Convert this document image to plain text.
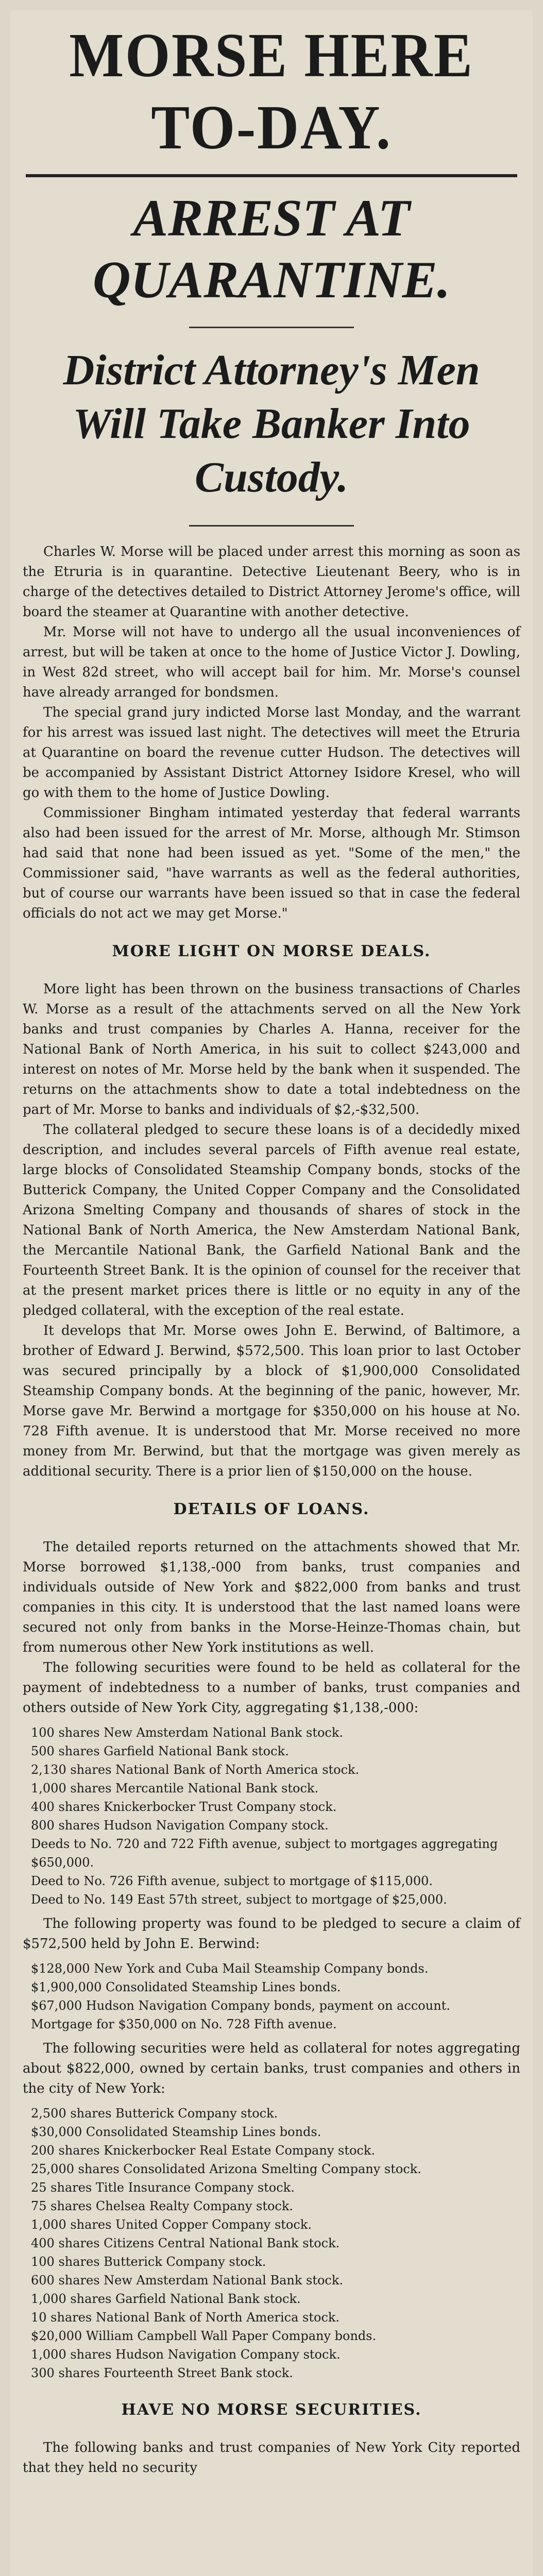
MORSE HERE TO-DAY.
ARREST AT QUARANTINE.
District Attorney's Men Will Take Banker Into Custody.

Charles W. Morse will be placed under arrest this morning as soon as the Etruria is in quarantine. Detective Lieutenant Beery, who is in charge of the detectives detailed to District Attorney Jerome's office, will board the steamer at Quarantine with another detective.

Mr. Morse will not have to undergo all the usual inconveniences of arrest, but will be taken at once to the home of Justice Victor J. Dowling, in West 82d street, who will accept bail for him. Mr. Morse's counsel have already arranged for bondsmen.

The special grand jury indicted Morse last Monday, and the warrant for his arrest was issued last night. The detectives will meet the Etruria at Quarantine on board the revenue cutter Hudson. The detectives will be accompanied by Assistant District Attorney Isidore Kresel, who will go with them to the home of Justice Dowling.

Commissioner Bingham intimated yesterday that federal warrants also had been issued for the arrest of Mr. Morse, although Mr. Stimson had said that none had been issued as yet. "Some of the men," the Commissioner said, "have warrants as well as the federal authorities, but of course our warrants have been issued so that in case the federal officials do not act we may get Morse."

MORE LIGHT ON MORSE DEALS.

More light has been thrown on the business transactions of Charles W. Morse as a result of the attachments served on all the New York banks and trust companies by Charles A. Hanna, receiver for the National Bank of North America, in his suit to collect $243,000 and interest on notes of Mr. Morse held by the bank when it suspended. The returns on the attachments show to date a total indebtedness on the part of Mr. Morse to banks and individuals of $2,-$32,500.

The collateral pledged to secure these loans is of a decidedly mixed description, and includes several parcels of Fifth avenue real estate, large blocks of Consolidated Steamship Company bonds, stocks of the Butterick Company, the United Copper Company and the Consolidated Arizona Smelting Company and thousands of shares of stock in the National Bank of North America, the New Amsterdam National Bank, the Mercantile National Bank, the Garfield National Bank and the Fourteenth Street Bank. It is the opinion of counsel for the receiver that at the present market prices there is little or no equity in any of the pledged collateral, with the exception of the real estate.

It develops that Mr. Morse owes John E. Berwind, of Baltimore, a brother of Edward J. Berwind, $572,500. This loan prior to last October was secured principally by a block of $1,900,000 Consolidated Steamship Company bonds. At the beginning of the panic, however, Mr. Morse gave Mr. Berwind a mortgage for $350,000 on his house at No. 728 Fifth avenue. It is understood that Mr. Morse received no more money from Mr. Berwind, but that the mortgage was given merely as additional security. There is a prior lien of $150,000 on the house.

DETAILS OF LOANS.

The detailed reports returned on the attachments showed that Mr. Morse borrowed $1,138,-000 from banks, trust companies and individuals outside of New York and $822,000 from banks and trust companies in this city. It is understood that the last named loans were secured not only from banks in the Morse-Heinze-Thomas chain, but from numerous other New York institutions as well.

The following securities were found to be held as collateral for the payment of indebtedness to a number of banks, trust companies and others outside of New York City, aggregating $1,138,-000:

100 shares New Amsterdam National Bank stock.
500 shares Garfield National Bank stock.
2,130 shares National Bank of North America stock.
1,000 shares Mercantile National Bank stock.
400 shares Knickerbocker Trust Company stock.
800 shares Hudson Navigation Company stock.
Deeds to No. 720 and 722 Fifth avenue, subject to mortgages aggregating $650,000.
Deed to No. 726 Fifth avenue, subject to mortgage of $115,000.
Deed to No. 149 East 57th street, subject to mortgage of $25,000.

The following property was found to be pledged to secure a claim of $572,500 held by John E. Berwind:

$128,000 New York and Cuba Mail Steamship Company bonds.
$1,900,000 Consolidated Steamship Lines bonds.
$67,000 Hudson Navigation Company bonds, payment on account.
Mortgage for $350,000 on No. 728 Fifth avenue.

The following securities were held as collateral for notes aggregating about $822,000, owned by certain banks, trust companies and others in the city of New York:

2,500 shares Butterick Company stock.
$30,000 Consolidated Steamship Lines bonds.
200 shares Knickerbocker Real Estate Company stock.
25,000 shares Consolidated Arizona Smelting Company stock.
25 shares Title Insurance Company stock.
75 shares Chelsea Realty Company stock.
1,000 shares United Copper Company stock.
400 shares Citizens Central National Bank stock.
100 shares Butterick Company stock.
600 shares New Amsterdam National Bank stock.
1,000 shares Garfield National Bank stock.
10 shares National Bank of North America stock.
$20,000 William Campbell Wall Paper Company bonds.
1,000 shares Hudson Navigation Company stock.
300 shares Fourteenth Street Bank stock.
HAVE NO MORSE SECURITIES.

The following banks and trust companies of New York City reported that they held no security
